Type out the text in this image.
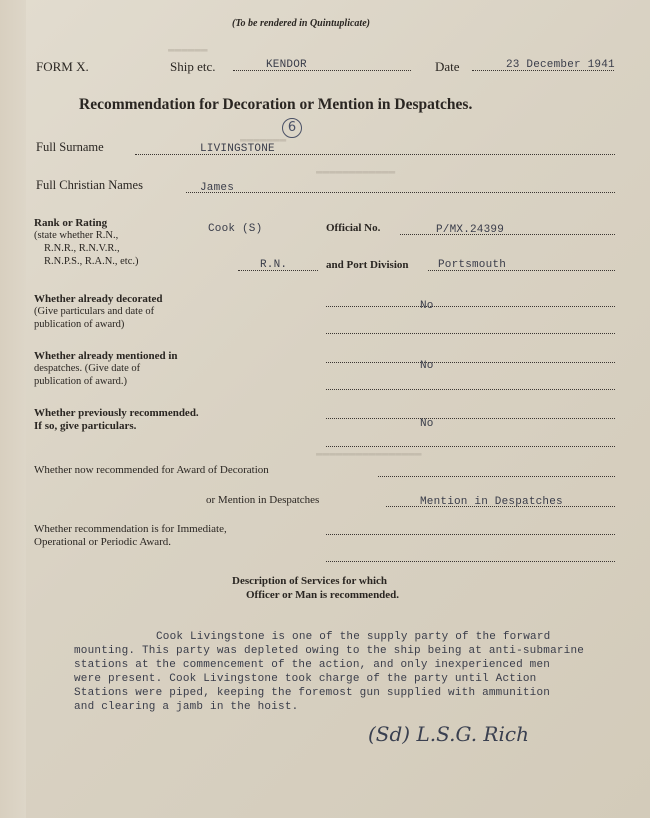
▬▬▬▬▬▬
▬▬▬▬▬▬▬
▬▬▬▬▬▬▬▬▬▬▬▬
▬▬▬▬▬▬▬▬▬▬▬▬▬▬▬▬
(To be rendered in Quintuplicate)
FORM X.	Ship etc.	KENDOR	Date	23 December 1941
Recommendation for Decoration or Mention in Despatches.
Full Surname	LIVINGSTONE
6
Full Christian Names	James
Rank or Rating
(state whether R.N.,
R.N.R., R.N.V.R.,
R.N.P.S., R.A.N., etc.)
Cook (S)
R.N.
Official No.	P/MX.24399
and Port Division	Portsmouth
Whether already decorated
(Give particulars and date of
publication of award)
No
Whether already mentioned in
despatches. (Give date of
publication of award.)
No
Whether previously recommended.
If so, give particulars.	No
Whether now recommended for Award of Decoration
or Mention in Despatches	Mention in Despatches
Whether recommendation is for Immediate,
Operational or Periodic Award.
Description of Services for which
Officer or Man is recommended.
Cook Livingstone is one of the supply party of the forward
mounting. This party was depleted owing to the ship being at anti-submarine
stations at the commencement of the action, and only inexperienced men
were present. Cook Livingstone took charge of the party until Action
Stations were piped, keeping the foremost gun supplied with ammunition
and clearing a jamb in the hoist.
(Sd) L.S.G. Rich
